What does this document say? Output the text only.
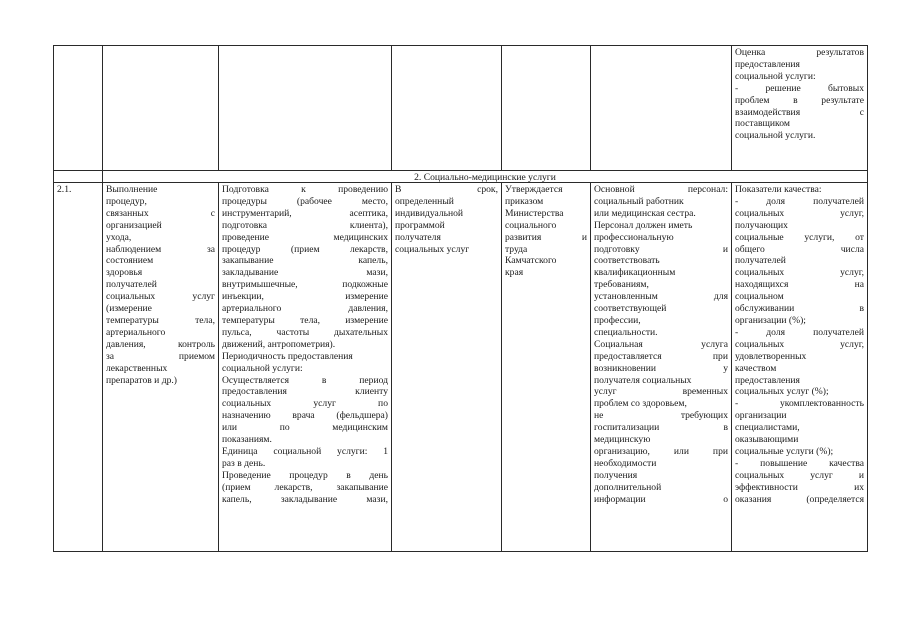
Оценка результатов
предоставления
социальной услуги:
- решение бытовых
проблем в результате
взаимодействия с
поставщиком
социальной услуги.
2. Социально-медицинские услуги
2.1.	Выполнение
процедур,
связанных с
организацией
ухода,
наблюдением за
состоянием
здоровья
получателей
социальных услуг
(измерение
температуры тела,
артериального
давления, контроль
за приемом
лекарственных
препаратов и др.)
Подготовка к проведению
процедуры (рабочее место,
инструментарий, асептика,
подготовка клиента),
проведение медицинских
процедур (прием лекарств,
закапывание капель,
закладывание мази,
внутримышечные, подкожные
инъекции, измерение
артериального давления,
температуры тела, измерение
пульса, частоты дыхательных
движений, антропометрия).
Периодичность предоставления
социальной услуги:
Осуществляется в период
предоставления клиенту
социальных услуг по
назначению врача (фельдшера)
или по медицинским
показаниям.
Единица социальной услуги: 1
раз в день.
Проведение процедур в день
(прием лекарств, закапывание
капель, закладывание мази,
В срок,
определенный
индивидуальной
программой
получателя
социальных услуг
Утверждается
приказом
Министерства
социального
развития и
труда
Камчатского
края
Основной персонал:
социальный работник
или медицинская сестра.
Персонал должен иметь
профессиональную
подготовку и
соответствовать
квалификационным
требованиям,
установленным для
соответствующей
профессии,
специальности.
Социальная услуга
предоставляется при
возникновении у
получателя социальных
услуг временных
проблем со здоровьем,
не требующих
госпитализации в
медицинскую
организацию, или при
необходимости
получения
дополнительной
информации о
Показатели качества:
- доля получателей
социальных услуг,
получающих
социальные услуги, от
общего числа
получателей
социальных услуг,
находящихся на
социальном
обслуживании в
организации (%);
- доля получателей
социальных услуг,
удовлетворенных
качеством
предоставления
социальных услуг (%);
- укомплектованность
организации
специалистами,
оказывающими
социальные услуги (%);
- повышение качества
социальных услуг и
эффективности их
оказания (определяется
